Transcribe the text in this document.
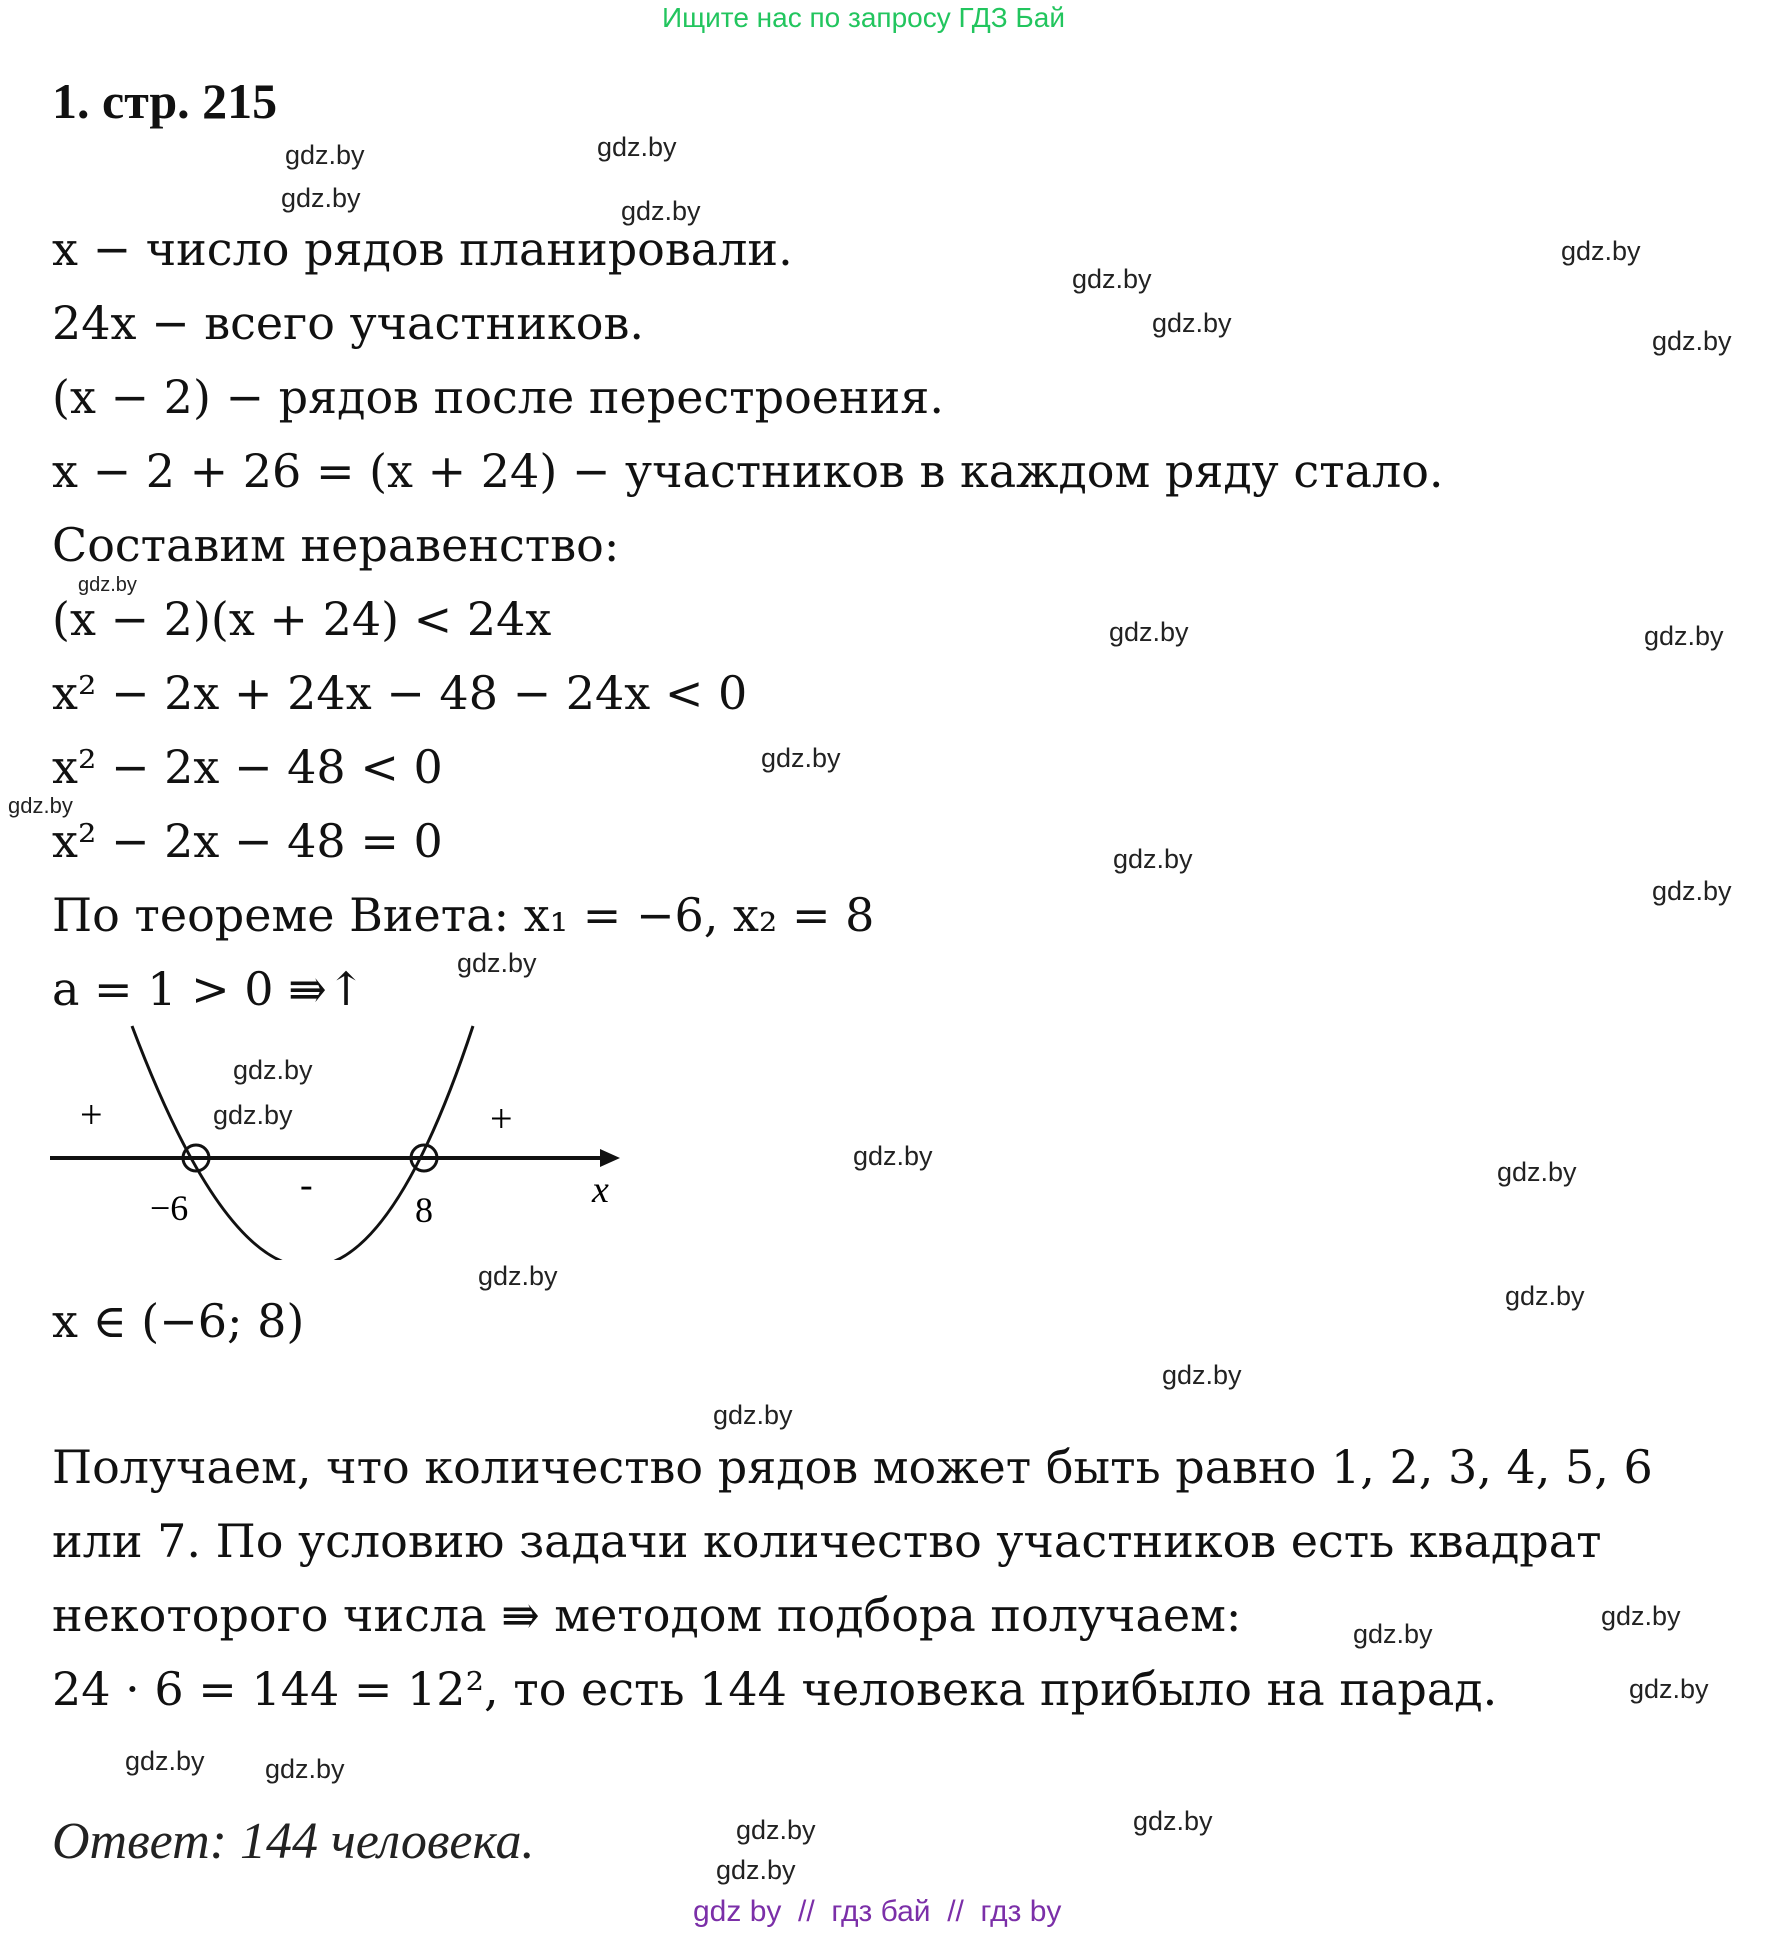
Ищите нас по запросу ГДЗ Бай
1. стр. 215
x − число рядов планировали.
24x − всего участников.
(x − 2) − рядов после перестроения.
x − 2 + 26 = (x + 24) − участников в каждом ряду стало.
Составим неравенство:
(x − 2)(x + 24) < 24x
x² − 2x + 24x − 48 − 24x < 0
x² − 2x − 48 < 0
x² − 2x − 48 = 0
По теореме Виета: x₁ = −6, x₂ = 8
a = 1 > 0 ⇛↑
+	+
-
−6	8	x
x ∈ (−6; 8)
Получаем, что количество рядов может быть равно 1, 2, 3, 4, 5, 6
или 7. По условию задачи количество участников есть квадрат
некоторого числа ⇛ методом подбора получаем:
24 · 6 = 144 = 12², то есть 144 человека прибыло на парад.
Ответ: 144 человека.
gdz.by	gdz.by
gdz.by	gdz.by
gdz.by
gdz.by
gdz.by
gdz.by
gdz.by
gdz.by	gdz.by
gdz.by
gdz.by
gdz.by
gdz.by
gdz.by
gdz.by
gdz.by
gdz.by
gdz.by
gdz.by
gdz.by
gdz.by
gdz.by
gdz.by
gdz.by
gdz.by
gdz.by gdz.by
gdz.by	gdz.by
gdz.by
gdz by  //  гдз бай  //  гдз by
